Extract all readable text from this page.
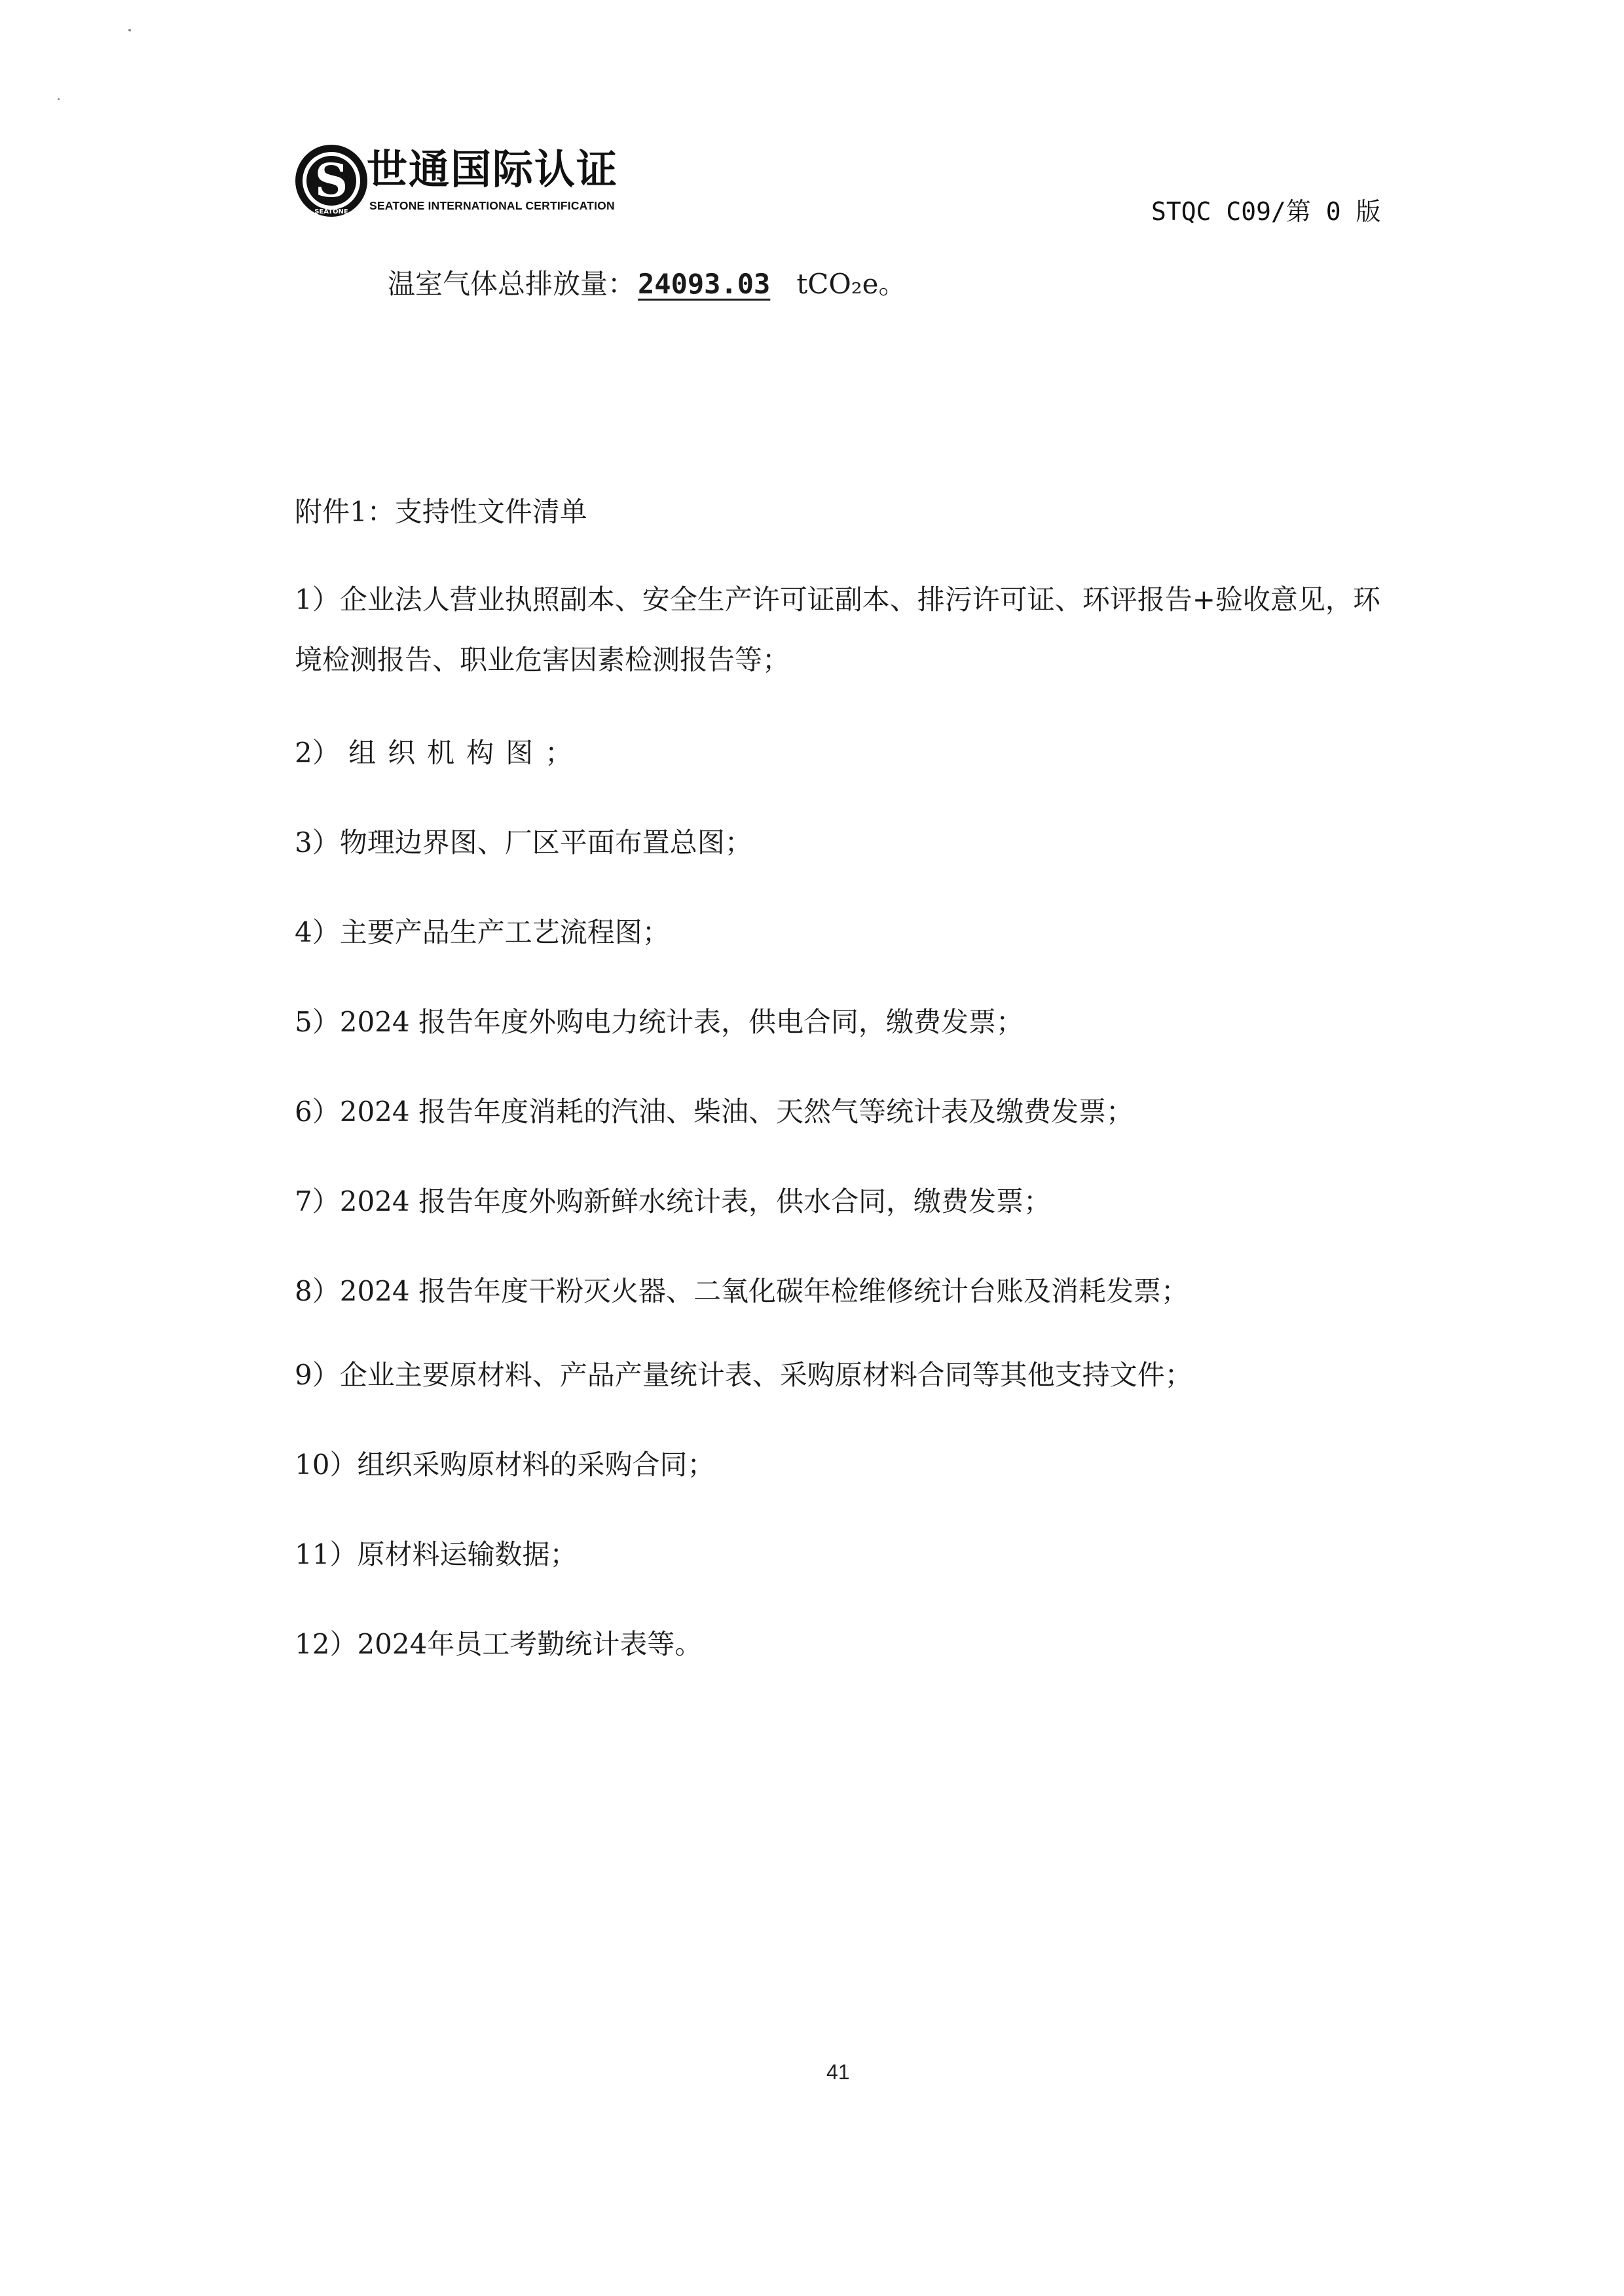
S
SEATONE
世通国际认证
SEATONE INTERNATIONAL CERTIFICATION	STQC C09/第 0 版
温室气体总排放量：24093.03 tCO₂e。
附件1：支持性文件清单
1）企业法人营业执照副本、安全生产许可证副本、排污许可证、环评报告+验收意见，环境检测报告、职业危害因素检测报告等；
2） 组织机构图；
3）物理边界图、厂区平面布置总图；
4）主要产品生产工艺流程图；
5）2024 报告年度外购电力统计表，供电合同，缴费发票；
6）2024 报告年度消耗的汽油、柴油、天然气等统计表及缴费发票；
7）2024 报告年度外购新鲜水统计表，供水合同，缴费发票；
8）2024 报告年度干粉灭火器、二氧化碳年检维修统计台账及消耗发票；
9）企业主要原材料、产品产量统计表、采购原材料合同等其他支持文件；
10）组织采购原材料的采购合同；
11）原材料运输数据；
12）2024年员工考勤统计表等。
41
